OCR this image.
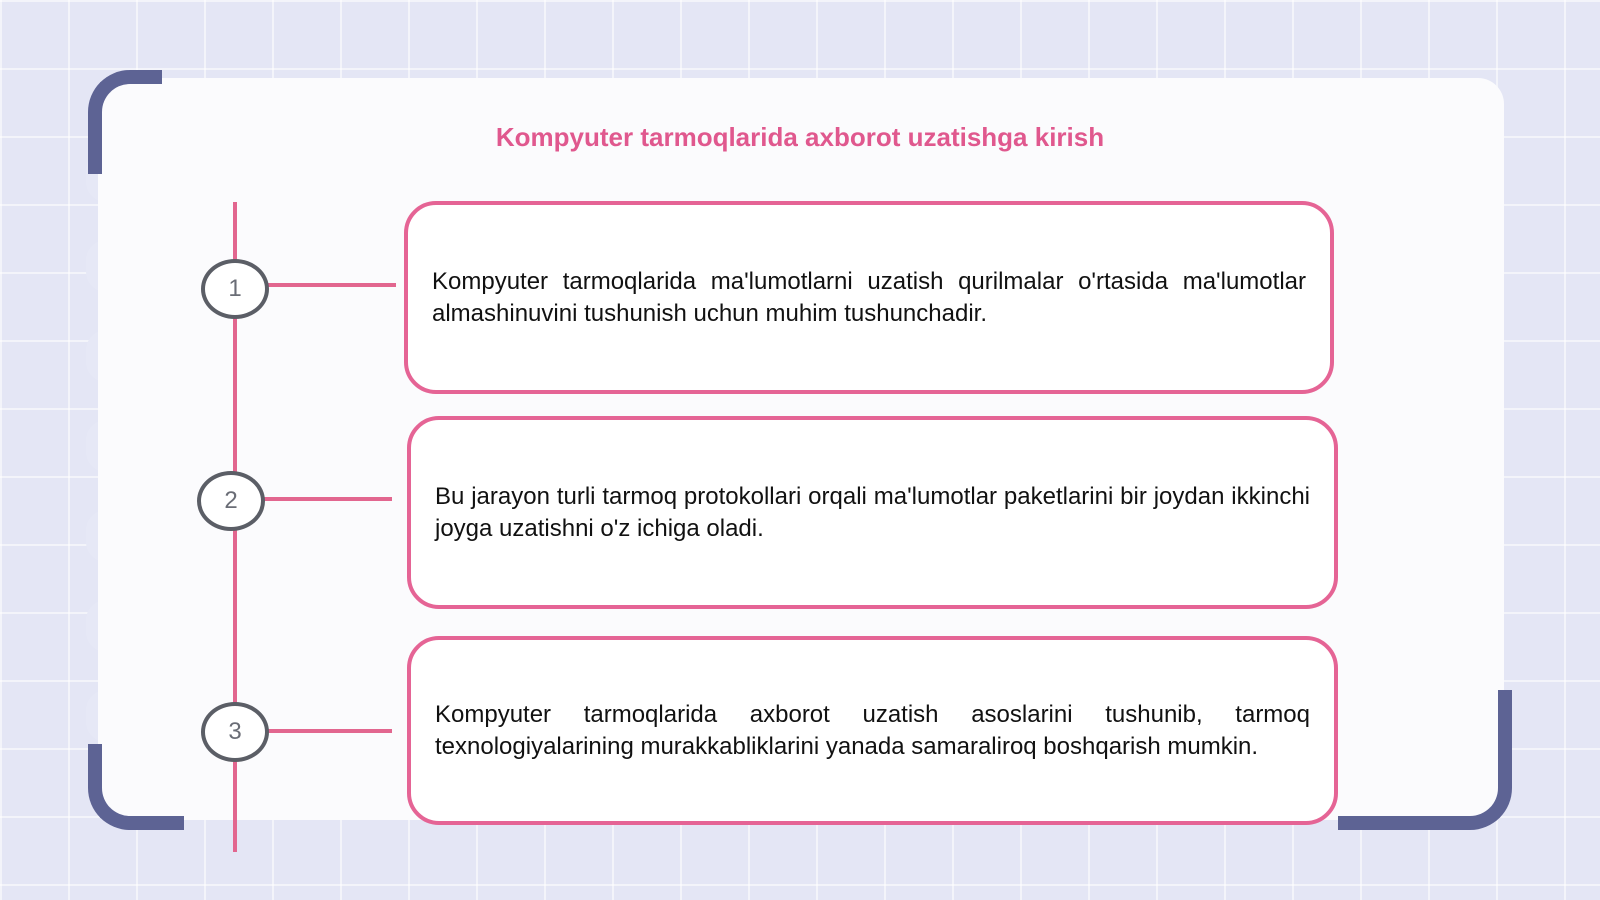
Kompyuter tarmoqlarida axborot uzatishga kirish
1	Kompyuter tarmoqlarida ma'lumotlarni uzatish qurilmalar o'rtasida ma'lumotlar almashinuvini tushunish uchun muhim tushunchadir.

2	Bu jarayon turli tarmoq protokollari orqali ma'lumotlar paketlarini bir joydan ikkinchi joyga uzatishni o'z ichiga oladi.

3

Kompyuter tarmoqlarida axborot uzatish asoslarini tushunib, tarmoq texnologiyalarining murakkabliklarini yanada samaraliroq boshqarish mumkin.
